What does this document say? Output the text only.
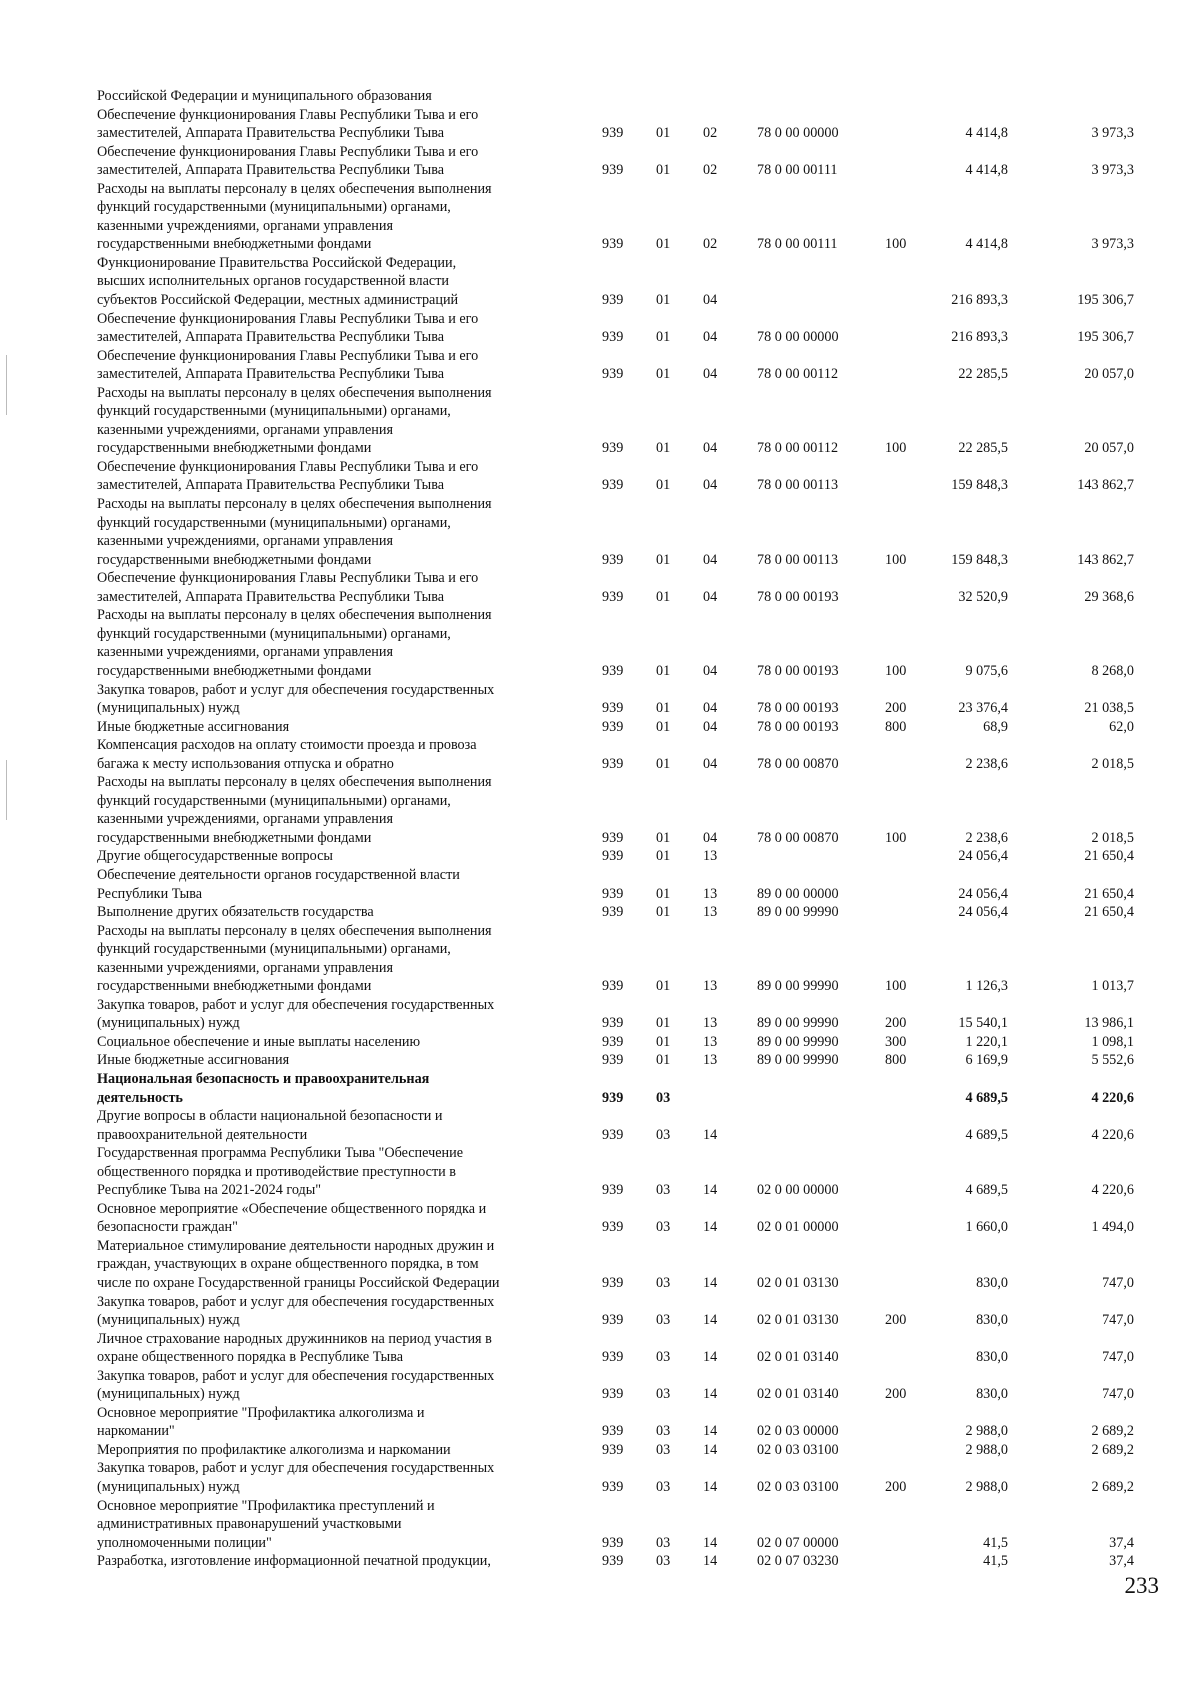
Российской Федерации и муниципального образования
Обеспечение функционирования Главы Республики Тыва и его
заместителей, Аппарата Правительства Республики Тыва	939 01 02	78 0 00 00000	4 414,8	3 973,3
Обеспечение функционирования Главы Республики Тыва и его
заместителей, Аппарата Правительства Республики Тыва	939 01 02	78 0 00 00111	4 414,8	3 973,3
Расходы на выплаты персоналу в целях обеспечения выполнения
функций государственными (муниципальными) органами,
казенными учреждениями, органами управления
государственными внебюджетными фондами	939 01 02	78 0 00 00111	100	4 414,8	3 973,3
Функционирование Правительства Российской Федерации,
высших исполнительных органов государственной власти
субъектов Российской Федерации, местных администраций	939 01 04	216 893,3	195 306,7
Обеспечение функционирования Главы Республики Тыва и его
заместителей, Аппарата Правительства Республики Тыва	939 01 04	78 0 00 00000	216 893,3	195 306,7
Обеспечение функционирования Главы Республики Тыва и его
заместителей, Аппарата Правительства Республики Тыва	939 01 04	78 0 00 00112	22 285,5	20 057,0
Расходы на выплаты персоналу в целях обеспечения выполнения
функций государственными (муниципальными) органами,
казенными учреждениями, органами управления
государственными внебюджетными фондами	939 01 04	78 0 00 00112	100	22 285,5	20 057,0
Обеспечение функционирования Главы Республики Тыва и его
заместителей, Аппарата Правительства Республики Тыва	939 01 04	78 0 00 00113	159 848,3	143 862,7
Расходы на выплаты персоналу в целях обеспечения выполнения
функций государственными (муниципальными) органами,
казенными учреждениями, органами управления
государственными внебюджетными фондами	939 01 04	78 0 00 00113	100	159 848,3	143 862,7
Обеспечение функционирования Главы Республики Тыва и его
заместителей, Аппарата Правительства Республики Тыва	939 01 04	78 0 00 00193	32 520,9	29 368,6
Расходы на выплаты персоналу в целях обеспечения выполнения
функций государственными (муниципальными) органами,
казенными учреждениями, органами управления
государственными внебюджетными фондами	939 01 04	78 0 00 00193	100	9 075,6	8 268,0
Закупка товаров, работ и услуг для обеспечения государственных
(муниципальных) нужд	939 01 04	78 0 00 00193	200	23 376,4	21 038,5
Иные бюджетные ассигнования	939 01 04	78 0 00 00193	800	68,9	62,0
Компенсация расходов на оплату стоимости проезда и провоза
багажа к месту использования отпуска и обратно	939 01 04	78 0 00 00870	2 238,6	2 018,5
Расходы на выплаты персоналу в целях обеспечения выполнения
функций государственными (муниципальными) органами,
казенными учреждениями, органами управления
государственными внебюджетными фондами	939 01 04	78 0 00 00870	100	2 238,6	2 018,5
Другие общегосударственные вопросы	939 01 13	24 056,4	21 650,4
Обеспечение деятельности органов государственной власти
Республики Тыва	939 01 13	89 0 00 00000	24 056,4	21 650,4
Выполнение других обязательств государства	939 01 13	89 0 00 99990	24 056,4	21 650,4
Расходы на выплаты персоналу в целях обеспечения выполнения
функций государственными (муниципальными) органами,
казенными учреждениями, органами управления
государственными внебюджетными фондами	939 01 13	89 0 00 99990	100	1 126,3	1 013,7
Закупка товаров, работ и услуг для обеспечения государственных
(муниципальных) нужд	939 01 13	89 0 00 99990	200	15 540,1	13 986,1
Социальное обеспечение и иные выплаты населению	939 01 13	89 0 00 99990	300	1 220,1	1 098,1
Иные бюджетные ассигнования	939 01 13	89 0 00 99990	800	6 169,9	5 552,6
Национальная безопасность и правоохранительная
деятельность	939 03	4 689,5	4 220,6
Другие вопросы в области национальной безопасности и
правоохранительной деятельности	939 03 14	4 689,5	4 220,6
Государственная программа Республики Тыва "Обеспечение
общественного порядка и противодействие преступности в
Республике Тыва на 2021-2024 годы"	939 03 14	02 0 00 00000	4 689,5	4 220,6
Основное мероприятие «Обеспечение общественного порядка и
безопасности граждан"	939 03 14	02 0 01 00000	1 660,0	1 494,0
Материальное стимулирование деятельности народных дружин и
граждан, участвующих в охране общественного порядка, в том
числе по охране Государственной границы Российской Федерации	939 03 14	02 0 01 03130	830,0	747,0
Закупка товаров, работ и услуг для обеспечения государственных
(муниципальных) нужд	939 03 14	02 0 01 03130	200	830,0	747,0
Личное страхование народных дружинников на период участия в
охране общественного порядка в Республике Тыва	939 03 14	02 0 01 03140	830,0	747,0
Закупка товаров, работ и услуг для обеспечения государственных
(муниципальных) нужд	939 03 14	02 0 01 03140	200	830,0	747,0
Основное мероприятие "Профилактика алкоголизма и
наркомании"	939 03 14	02 0 03 00000	2 988,0	2 689,2
Мероприятия по профилактике алкоголизма и наркомании	939 03 14	02 0 03 03100	2 988,0	2 689,2
Закупка товаров, работ и услуг для обеспечения государственных
(муниципальных) нужд	939 03 14	02 0 03 03100	200	2 988,0	2 689,2
Основное мероприятие "Профилактика преступлений и
административных правонарушений участковыми
уполномоченными полиции"	939 03 14	02 0 07 00000	41,5	37,4
Разработка, изготовление информационной печатной продукции,	939 03 14	02 0 07 03230	41,5	37,4
233
